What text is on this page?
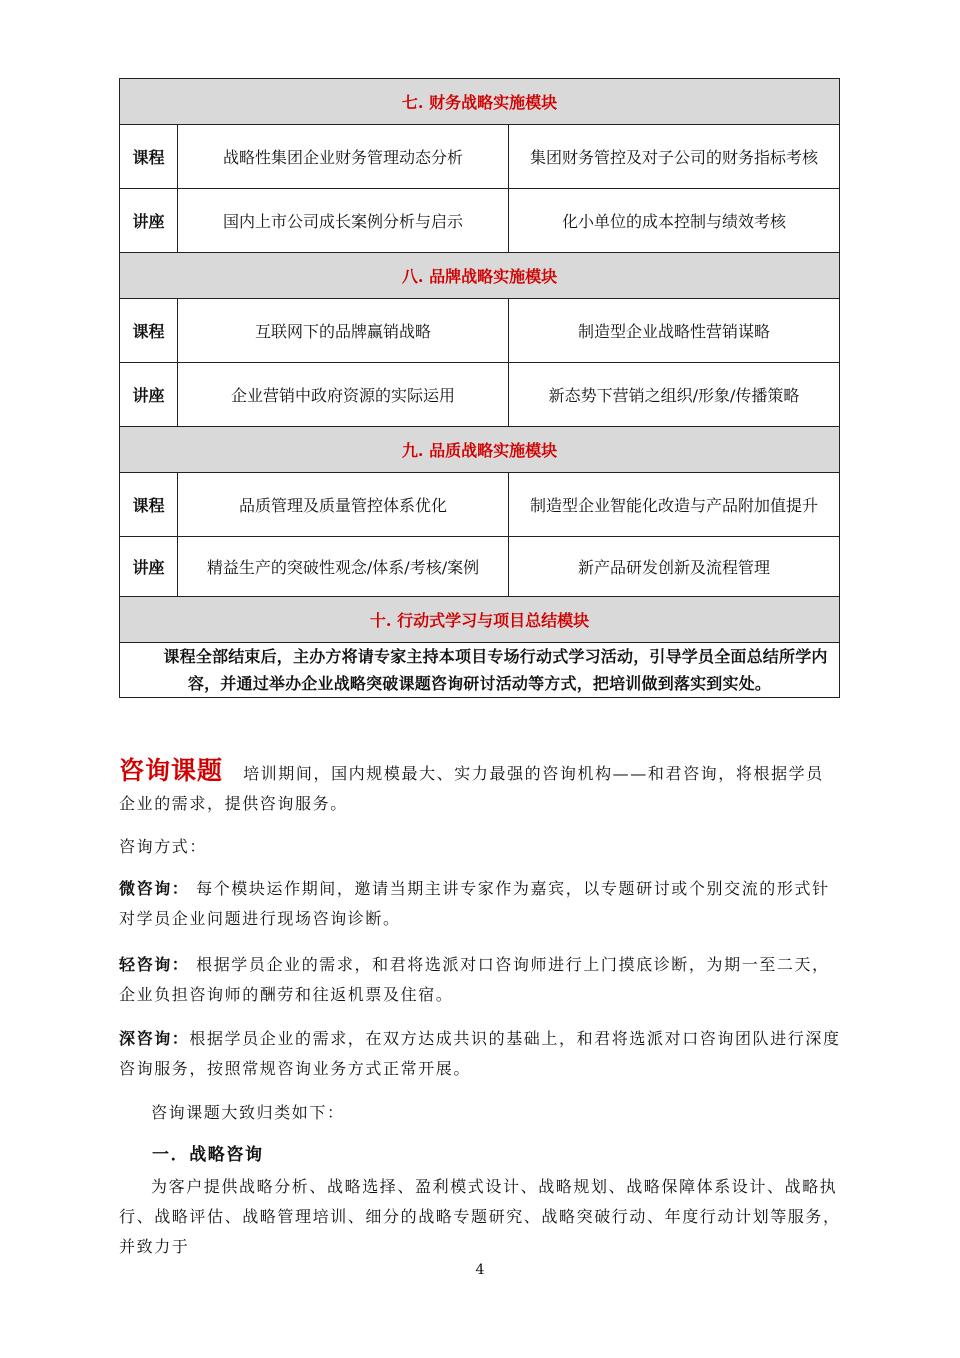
七. 财务战略实施模块		
课程	战略性集团企业财务管理动态分析	集团财务管控及对子公司的财务指标考核
讲座	国内上市公司成长案例分析与启示	化小单位的成本控制与绩效考核
八. 品牌战略实施模块		
课程	互联网下的品牌赢销战略	制造型企业战略性营销谋略
讲座	企业营销中政府资源的实际运用	新态势下营销之组织/形象/传播策略
九. 品质战略实施模块		
课程	品质管理及质量管控体系优化	制造型企业智能化改造与产品附加值提升
讲座	精益生产的突破性观念/体系/考核/案例	新产品研发创新及流程管理
十. 行动式学习与项目总结模块		
课程全部结束后，主办方将请专家主持本项目专场行动式学习活动，引导学员全面总结所学内容，并通过举办企业战略突破课题咨询研讨活动等方式，把培训做到落实到实处。		
咨询课题 培训期间，国内规模最大、实力最强的咨询机构——和君咨询，将根据学员企业的需求，提供咨询服务。
咨询方式：
微咨询： 每个模块运作期间，邀请当期主讲专家作为嘉宾，以专题研讨或个别交流的形式针对学员企业问题进行现场咨询诊断。
轻咨询： 根据学员企业的需求，和君将选派对口咨询师进行上门摸底诊断，为期一至二天，企业负担咨询师的酬劳和往返机票及住宿。
深咨询：根据学员企业的需求，在双方达成共识的基础上，和君将选派对口咨询团队进行深度咨询服务，按照常规咨询业务方式正常开展。
咨询课题大致归类如下：
一．战略咨询
为客户提供战略分析、战略选择、盈利模式设计、战略规划、战略保障体系设计、战略执行、战略评估、战略管理培训、细分的战略专题研究、战略突破行动、年度行动计划等服务，并致力于
4
